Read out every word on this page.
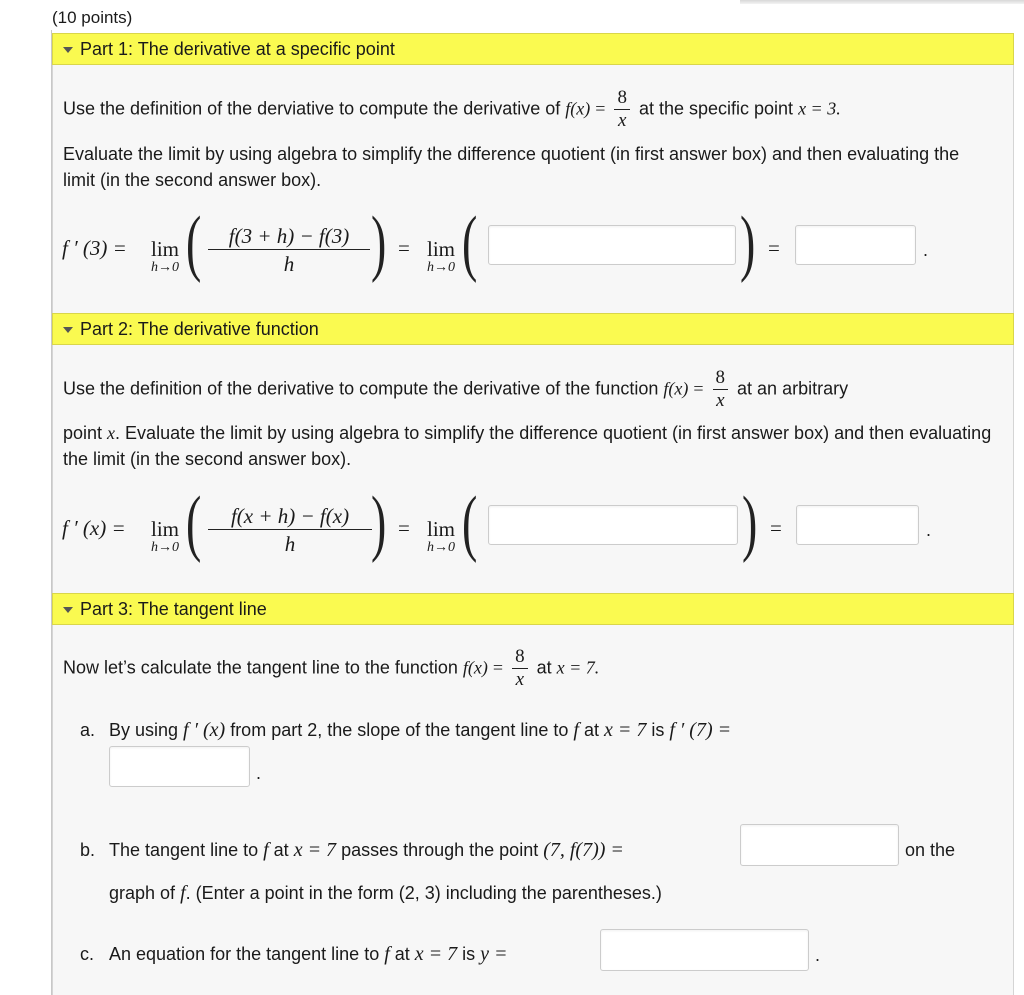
(10 points)
Part 1: The derivative at a specific point
Use the definition of the derviative to compute the derivative of $f(x) = \frac{8}{x}$ at the specific point x = 3.
Evaluate the limit by using algebra to simplify the difference quotient (in first answer box) and then evaluating the limit (in the second answer box).
f ′ (3) =	lim
h→0 ( $\frac{f(3 + h) - f(3)}{h}$ ) = lim
h→0 (	) =	.
Part 2: The derivative function
Use the definition of the derivative to compute the derivative of the function $f(x) = \frac{8}{x}$ at an arbitrary
point x. Evaluate the limit by using algebra to simplify the difference quotient (in first answer box) and then evaluating the limit (in the second answer box).
f ′ (x) =	lim
h→0 ( $\frac{f(x + h) - f(x)}{h}$ ) = lim
h→0 (	) =	.
Part 3: The tangent line
Now let’s calculate the tangent line to the function $f(x) = \frac{8}{x}$ at x = 7.
a. By using f ′ (x) from part 2, the slope of the tangent line to f at x = 7 is f ′ (7) =
.
b. The tangent line to f at x = 7 passes through the point (7, f(7)) =	on the
graph of f. (Enter a point in the form (2, 3) including the parentheses.)
c. An equation for the tangent line to f at x = 7 is y =	.
